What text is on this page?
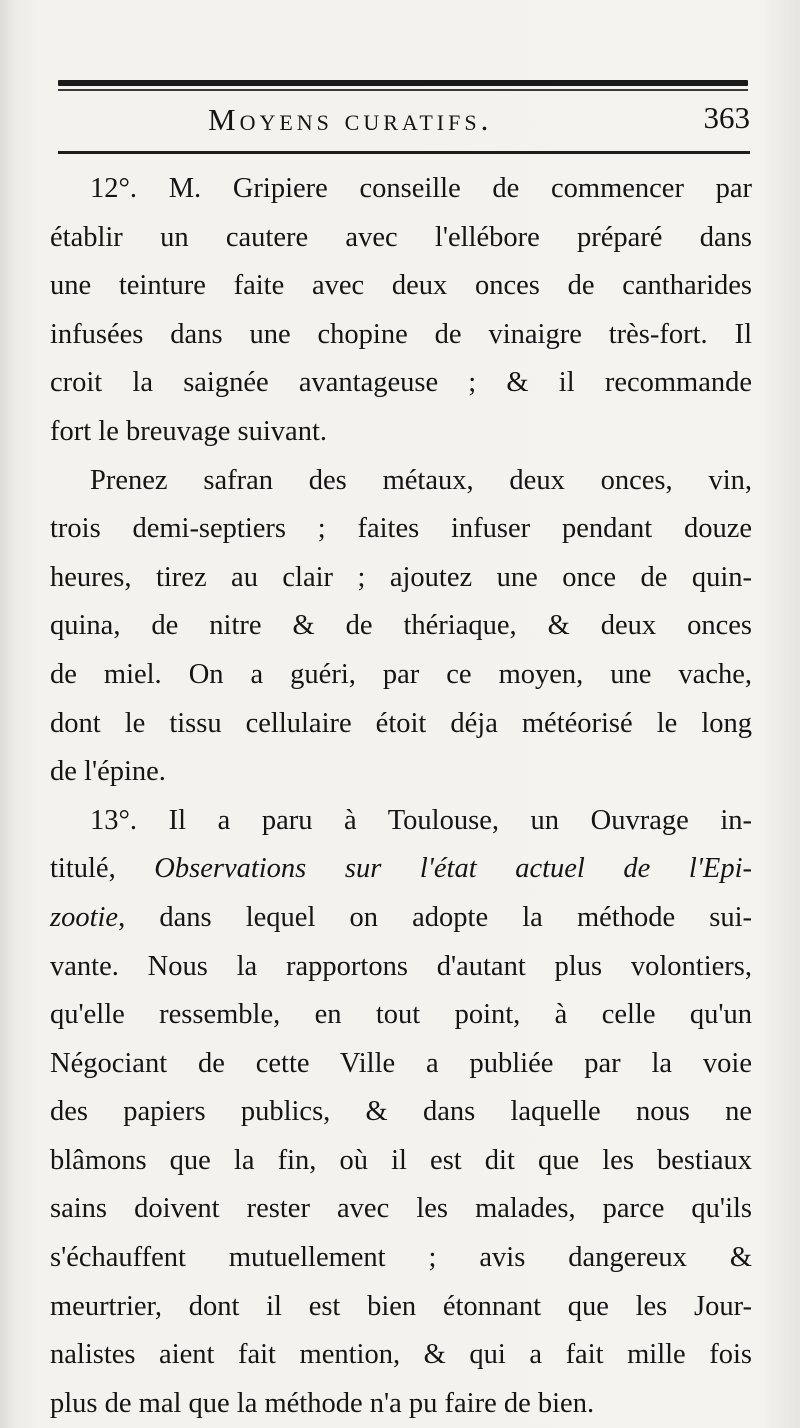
Moyens curatifs.	363
12°. M. Gripiere conseille de commencer par
établir un cautere avec l'ellébore préparé dans
une teinture faite avec deux onces de cantharides
infusées dans une chopine de vinaigre très-fort. Il
croit la saignée avantageuse ; & il recommande
fort le breuvage suivant.
Prenez safran des métaux, deux onces, vin,
trois demi-septiers ; faites infuser pendant douze
heures, tirez au clair ; ajoutez une once de quin-
quina, de nitre & de thériaque, & deux onces
de miel. On a guéri, par ce moyen, une vache,
dont le tissu cellulaire étoit déja météorisé le long
de l'épine.
13°. Il a paru à Toulouse, un Ouvrage in-
titulé, Observations sur l'état actuel de l'Epi-
zootie, dans lequel on adopte la méthode sui-
vante. Nous la rapportons d'autant plus volontiers,
qu'elle ressemble, en tout point, à celle qu'un
Négociant de cette Ville a publiée par la voie
des papiers publics, & dans laquelle nous ne
blâmons que la fin, où il est dit que les bestiaux
sains doivent rester avec les malades, parce qu'ils
s'échauffent mutuellement ; avis dangereux &
meurtrier, dont il est bien étonnant que les Jour-
nalistes aient fait mention, & qui a fait mille fois
plus de mal que la méthode n'a pu faire de bien.
